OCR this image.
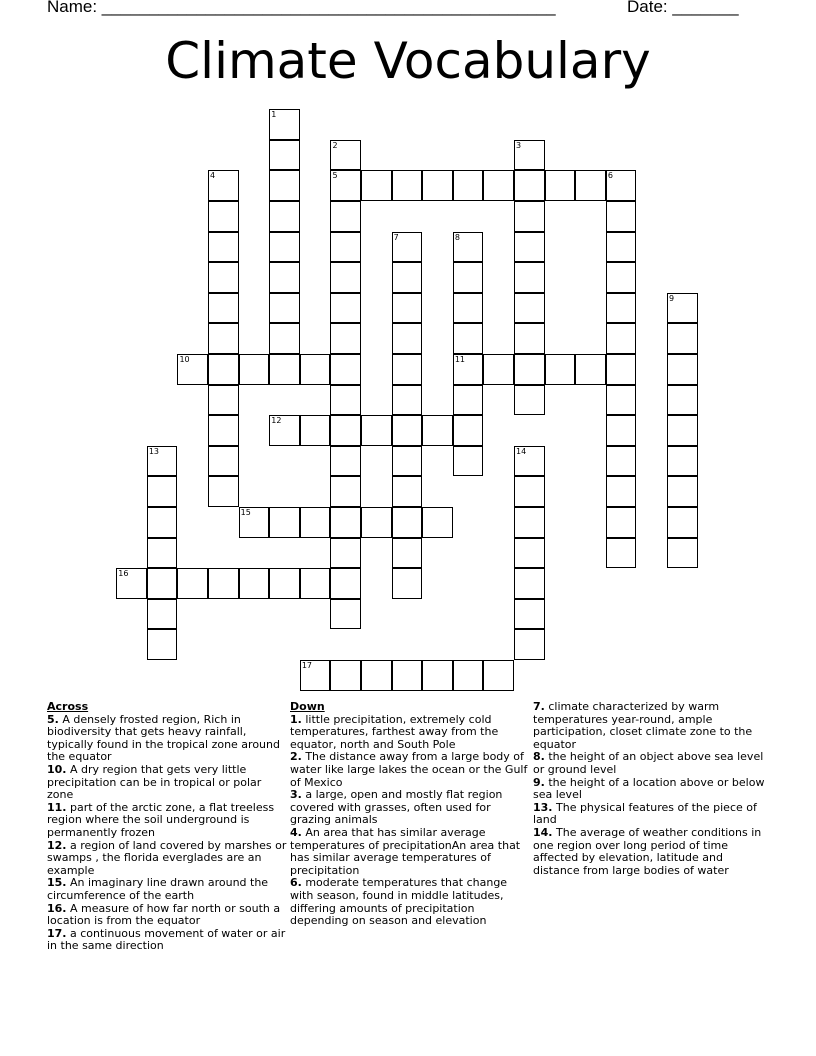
Name: ________________________________________________	Date: _______
Climate Vocabulary
1
2
5
3
4	6
7	8
11
9
10
12
13	14
15
16
17
Across
5. A densely frosted region, Rich in biodiversity that gets heavy rainfall, typically found in the tropical zone around the equator
10. A dry region that gets very little precipitation can be in tropical or polar zone
11. part of the arctic zone, a flat treeless region where the soil underground is permanently frozen
12. a region of land covered by marshes or swamps , the florida everglades are an example
15. An imaginary line drawn around the circumference of the earth
16. A measure of how far north or south a location is from the equator
17. a continuous movement of water or air in the same direction
Down
1. little precipitation, extremely cold temperatures, farthest away from the equator, north and South Pole
2. The distance away from a large body of water like large lakes the ocean or the Gulf of Mexico
3. a large, open and mostly flat region covered with grasses, often used for grazing animals
4. An area that has similar average temperatures of precipitationAn area that has similar average temperatures of precipitation
6. moderate temperatures that change with season, found in middle latitudes, differing amounts of precipitation depending on season and elevation
7. climate characterized by warm temperatures year-round, ample participation, closet climate zone to the equator
8. the height of an object above sea level or ground level
9. the height of a location above or below sea level
13. The physical features of the piece of land
14. The average of weather conditions in one region over long period of time affected by elevation, latitude and distance from large bodies of water
